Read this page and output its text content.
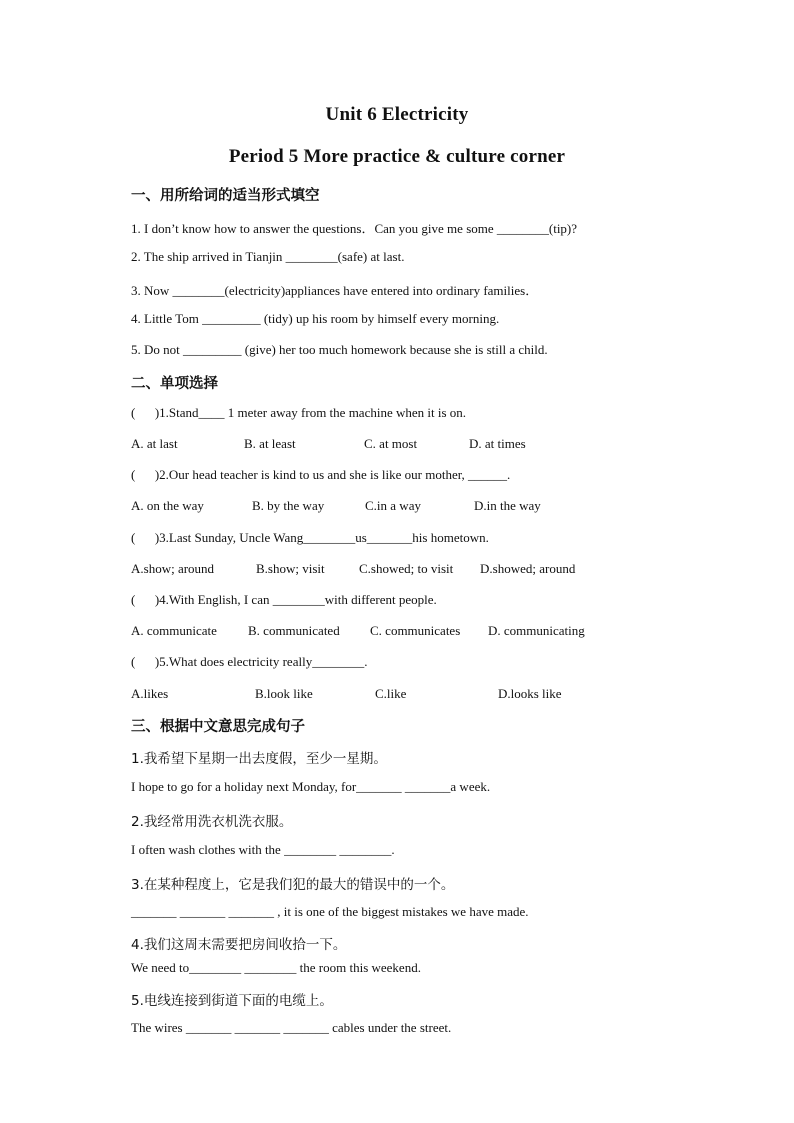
Unit 6 Electricity
Period 5 More practice & culture corner
一、用所给词的适当形式填空
1. I don’t know how to answer the questions．Can you give me some ________(tip)?
2. The ship arrived in Tianjin ________(safe) at last.
3. Now ________(electricity)appliances have entered into ordinary families．
4. Little Tom _________ (tidy) up his room by himself every morning.
5. Do not _________ (give) her too much homework because she is still a child.
二、单项选择
(      )1.Stand____ 1 meter away from the machine when it is on.
A. at last	B. at least	C. at most	D. at times
(      )2.Our head teacher is kind to us and she is like our mother, ______.
A. on the way	B. by the way	C.in a way	D.in the way
(      )3.Last Sunday, Uncle Wang________us_______his hometown.
A.show; around	B.show; visit	C.showed; to visit D.showed; around
(      )4.With English, I can ________with different people.
A. communicate B. communicated C. communicates D. communicating
(      )5.What does electricity really________.
A.likes	B.look like	C.like	D.looks like
三、根据中文意思完成句子
1.我希望下星期一出去度假，至少一星期。
I hope to go for a holiday next Monday, for_______ _______a week.
2.我经常用洗衣机洗衣服。
I often wash clothes with the ________ ________.
3.在某种程度上，它是我们犯的最大的错误中的一个。
_______ _______ _______ , it is one of the biggest mistakes we have made.
4.我们这周末需要把房间收拾一下。
We need to________ ________ the room this weekend.
5.电线连接到街道下面的电缆上。
The wires _______ _______ _______ cables under the street.
